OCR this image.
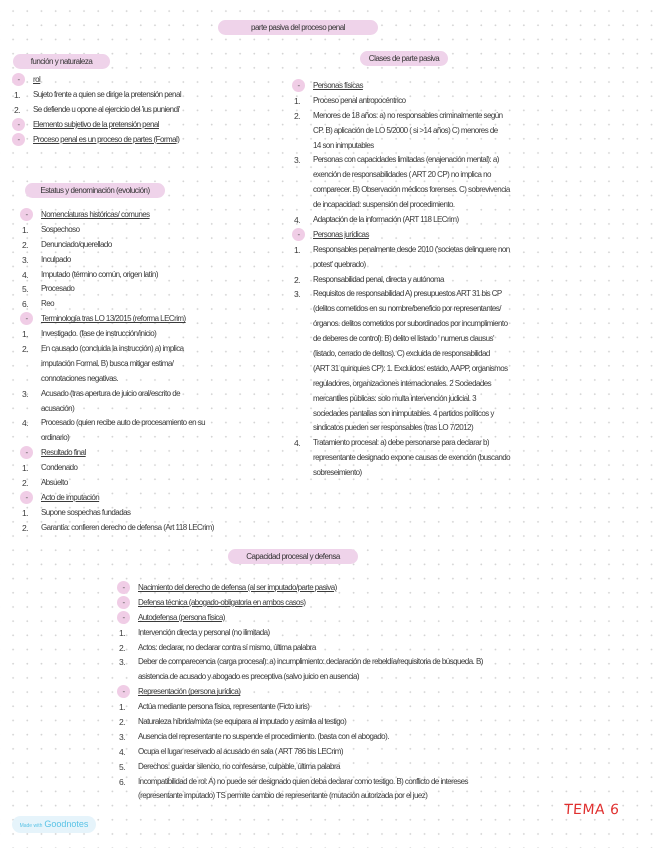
parte pasiva del proceso penal
función y naturaleza
-	rol
1.	Sujeto frente a quien se dirige la pretensión penal
2.	Se defiende u opone al ejercicio del 'ius puniendi'
-	Elemento subjetivo de la pretensión penal
-	Proceso penal es un proceso de partes (Formal)
Estatus y denominación (evolución)
-	Nomenclaturas históricas/ comunes
1.	Sospechoso
2.	Denunciado/querellado
3.	Inculpado
4.	Imputado (término común, origen latín)
5.	Procesado
6.	Reo
-	Terminología tras LO 13/2015 (reforma LECrim)
1.	Investigado. (fase de instrucción/inicio)
2.	En causado (concluida la instrucción) a) implica
imputación Formal. B) busca mitigar estima/
connotaciones negativas.
3.	Acusado (tras apertura de juicio oral/escrito de
acusación)
4.	Procesado (quien recibe auto de procesamiento en su
ordinario)
-	Resultado final
1.	Condenado
2.	Absuelto
-	Acto de imputación
1.	Supone sospechas fundadas
2.	Garantía: confieren derecho de defensa (Art 118 LECrim)
Clases de parte pasiva
-	Personas físicas
1.	Proceso penal antropocéntrico
2.	Menores de 18 años: a) no responsables criminalmente según
CP. B) aplicación de LO 5/2000 ( si >14 años) C) menores de
14 son inimputables
3.	Personas con capacidades limitadas (enajenación mental): a)
exención de responsabilidades ( ART 20 CP) no implica no
comparecer. B) Observación médicos forenses. C) sobrevivencia
de incapacidad: suspensión del procedimiento.
4.	Adaptación de la información (ART 118 LECrim)
-	Personas jurídicas
1.	Responsables penalmente desde 2010 ('societas delinquere non
potest' quebrado)
2.	Responsabilidad penal, directa y autónoma
3.	Requisitos de responsabilidad A) presupuestos ART 31 bis CP
(delitos cometidos en su nombre/beneficio por representantes/
órganos. delitos cometidos por subordinados por incumplimiento
de deberes de control). B) delito el listado ' numerus clausus'
(listado, cerrado de delitos). C) excluida de responsabilidad
(ART 31 quinquies CP): 1. Excluidos: estado, AAPP, organismos
reguladores, organizaciones internacionales. 2 Sociedades
mercantiles públicas: solo multa intervención judicial. 3
sociedades pantallas son inimputables. 4 partidos políticos y
sindicatos pueden ser responsables (tras LO 7/2012)
4.	Tratamiento procesal: a) debe personarse para declarar b)
representante designado expone causas de exención (buscando
sobreseimiento)
Capacidad procesal y defensa
-	Nacimiento del derecho de defensa (al ser imputado/parte pasiva)
-	Defensa técnica (abogado-obligatoria en ambos casos)
-	Autodefensa (persona física)
1.	Intervención directa y personal (no ilimitada)
2.	Actos: declarar, no declarar contra sí mismo, última palabra
3.	Deber de comparecencia (carga procesal): a) incumplimiento: declaración de rebeldía/requisitoria de búsqueda. B)
asistencia de acusado y abogado es preceptiva (salvo juicio en ausencia)
-	Representación (persona jurídica)
1.	Actúa mediante persona física, representante (Ficto iuris)
2.	Naturaleza híbrida/mixta (se equipara al imputado y asimila al testigo)
3.	Ausencia del representante no suspende el procedimiento. (basta con el abogado).
4.	Ocupa el lugar reservado al acusado en sala ( ART 786 bis LECrim)
5.	Derechos: guardar silencio, no confesarse, culpable, última palabra
6.	Incompatibilidad de rol: A) no puede ser designado quien deba declarar como testigo. B) conflicto de intereses
(representante imputado) TS permite cambio de representante (mutación autorizada por el juez)
Made with Goodnotes
TEMA 6
